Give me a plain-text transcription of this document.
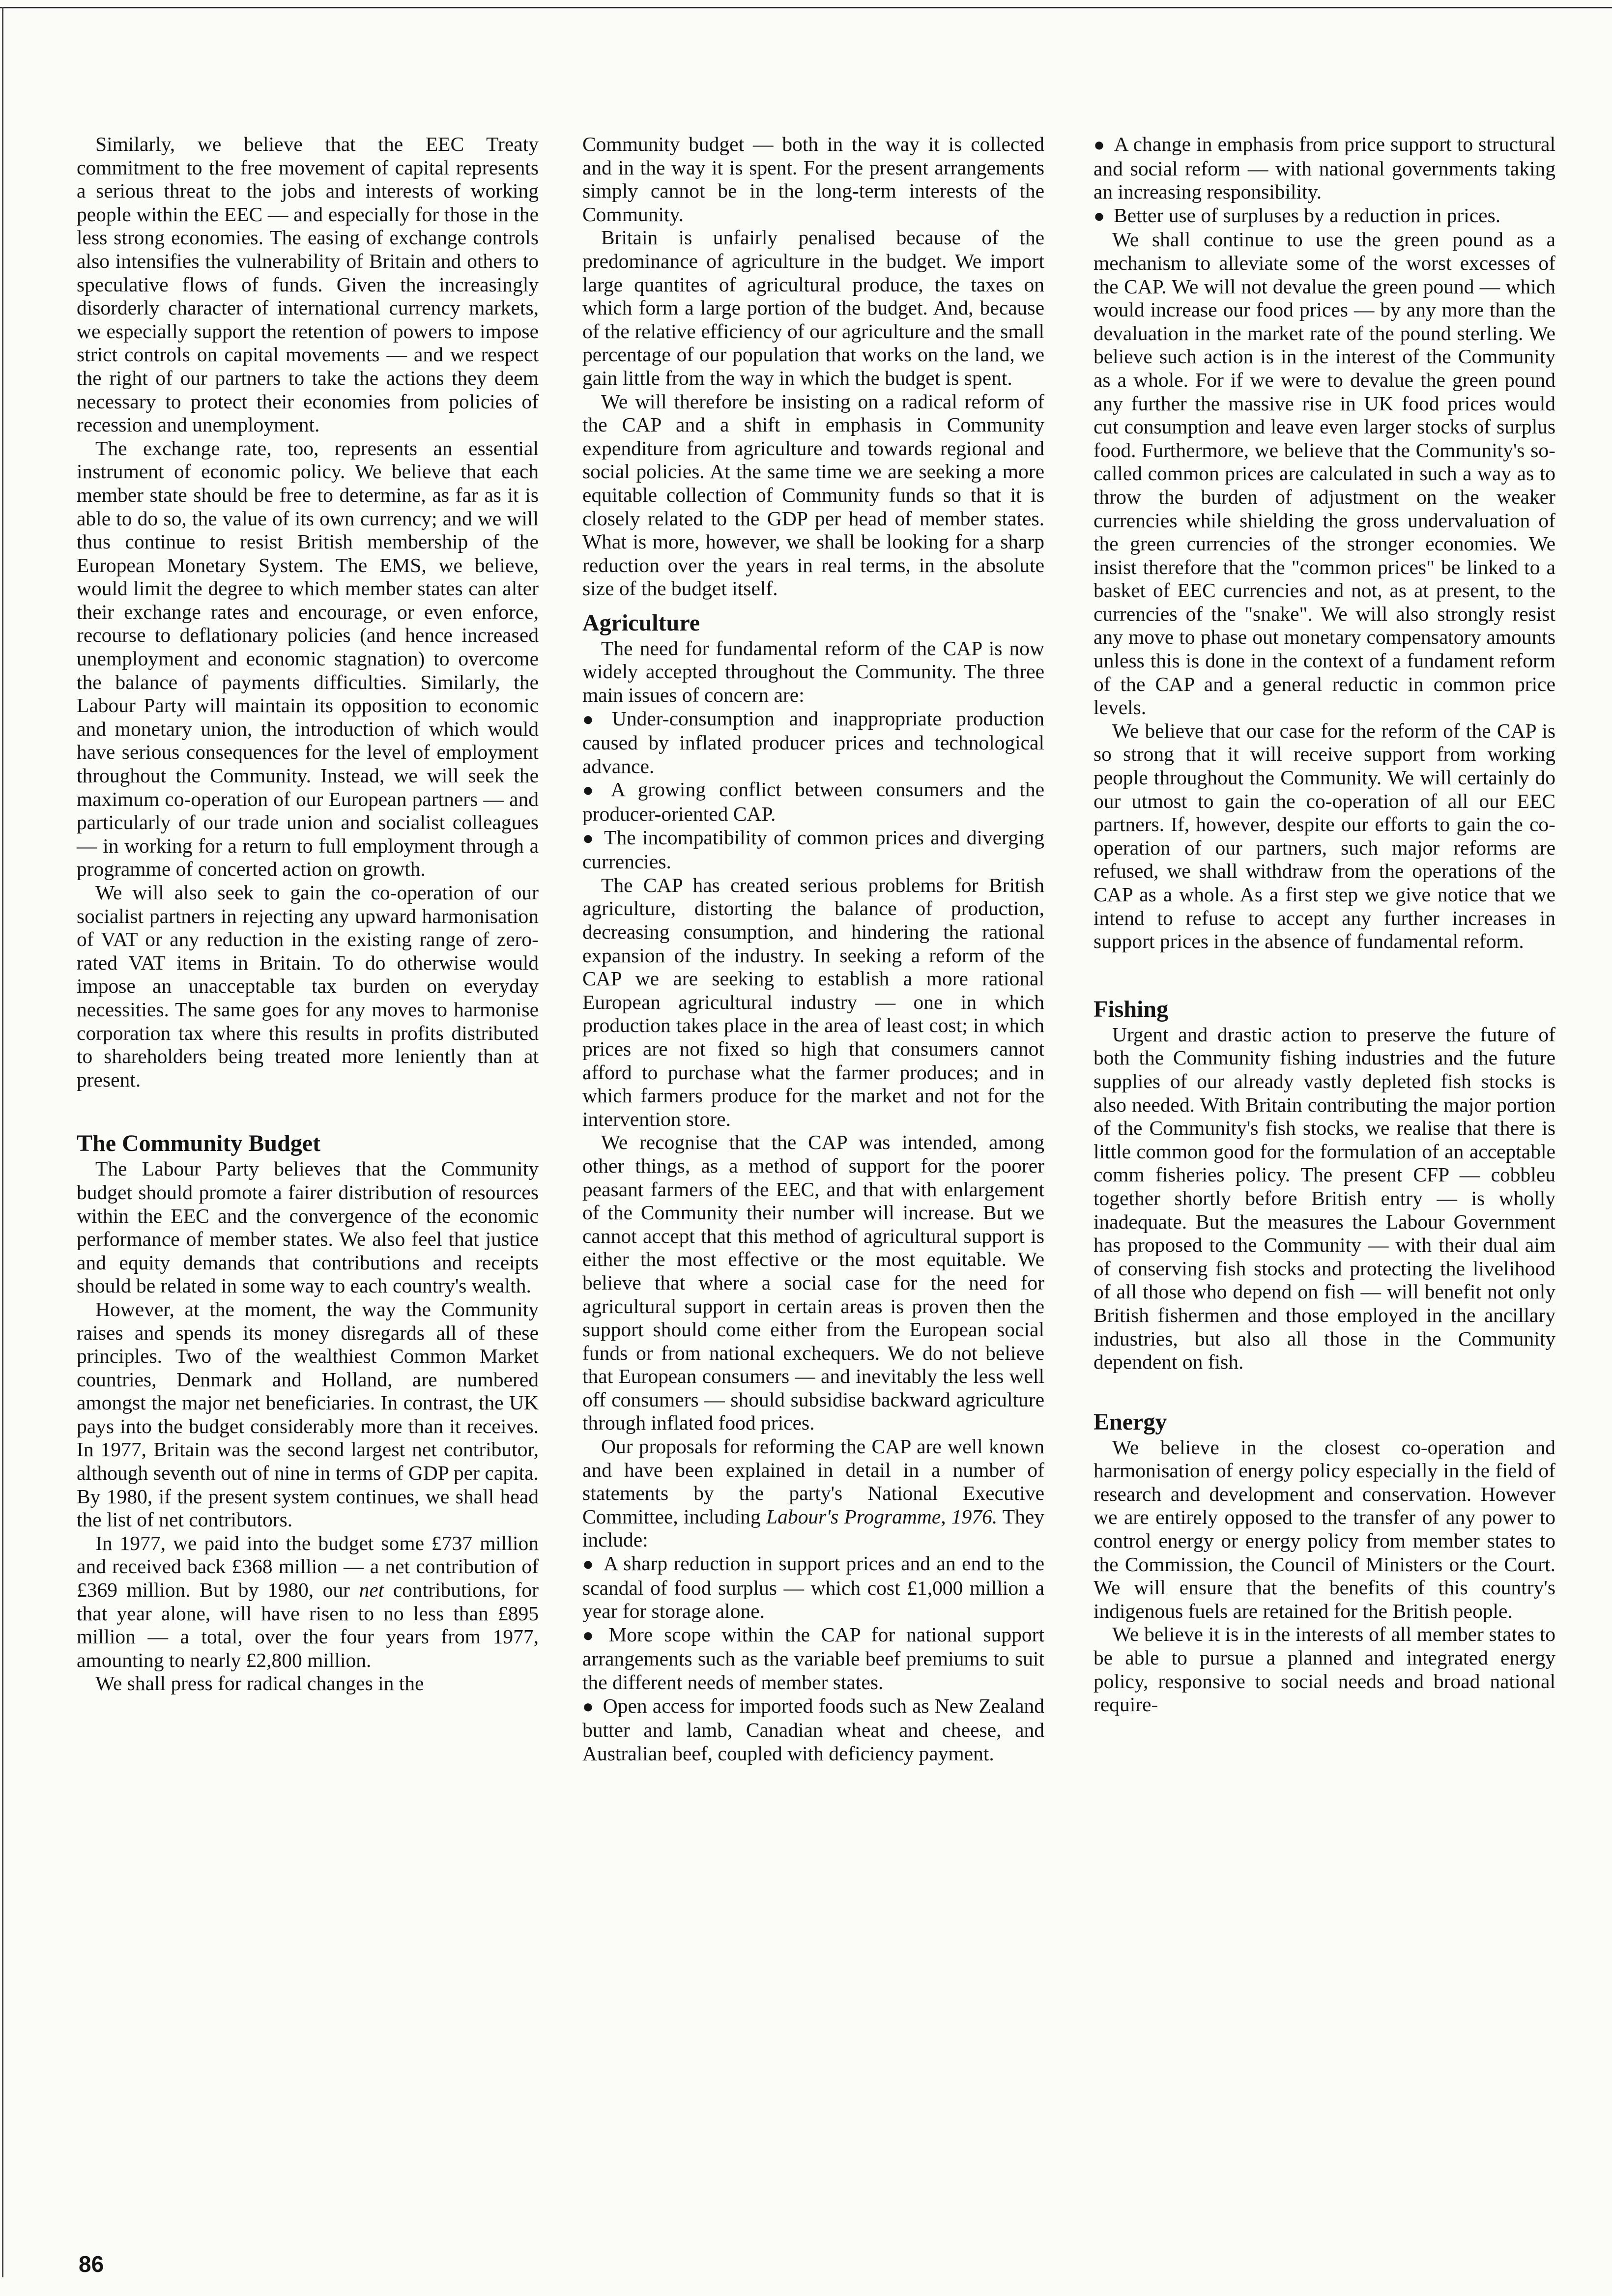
Similarly, we believe that the EEC Treaty commitment to the free movement of capital represents a serious threat to the jobs and interests of working people within the EEC — and especially for those in the less strong economies. The easing of exchange controls also intensifies the vulnerability of Britain and others to speculative flows of funds. Given the increasingly disorderly character of international currency markets, we especially support the retention of powers to impose strict controls on capital movements — and we respect the right of our partners to take the actions they deem necessary to protect their economies from policies of recession and unemployment.

The exchange rate, too, represents an essential instrument of economic policy. We believe that each member state should be free to determine, as far as it is able to do so, the value of its own currency; and we will thus continue to resist British membership of the European Monetary System. The EMS, we believe, would limit the degree to which member states can alter their exchange rates and encourage, or even enforce, recourse to deflationary policies (and hence increased unemployment and economic stagnation) to overcome the balance of payments difficulties. Similarly, the Labour Party will maintain its opposition to economic and monetary union, the introduction of which would have serious consequences for the level of employment throughout the Community. Instead, we will seek the maximum co-operation of our European partners — and particularly of our trade union and socialist colleagues — in working for a return to full employment through a programme of concerted action on growth.

We will also seek to gain the co-operation of our socialist partners in rejecting any upward harmonisation of VAT or any reduction in the existing range of zero-rated VAT items in Britain. To do otherwise would impose an unacceptable tax burden on everyday necessities. The same goes for any moves to harmonise corporation tax where this results in profits distributed to shareholders being treated more leniently than at present.

The Community Budget

The Labour Party believes that the Community budget should promote a fairer distribution of resources within the EEC and the convergence of the economic performance of member states. We also feel that justice and equity demands that contributions and receipts should be related in some way to each country's wealth.

However, at the moment, the way the Community raises and spends its money disregards all of these principles. Two of the wealthiest Common Market countries, Denmark and Holland, are numbered amongst the major net beneficiaries. In contrast, the UK pays into the budget considerably more than it receives. In 1977, Britain was the second largest net contributor, although seventh out of nine in terms of GDP per capita. By 1980, if the present system continues, we shall head the list of net contributors.

In 1977, we paid into the budget some £737 million and received back £368 million — a net contribution of £369 million. But by 1980, our net contributions, for that year alone, will have risen to no less than £895 million — a total, over the four years from 1977, amounting to nearly £2,800 million.

We shall press for radical changes in the

Community budget — both in the way it is collected and in the way it is spent. For the present arrangements simply cannot be in the long-term interests of the Community.

Britain is unfairly penalised because of the predominance of agriculture in the budget. We import large quantites of agricultural produce, the taxes on which form a large portion of the budget. And, because of the relative efficiency of our agriculture and the small percentage of our population that works on the land, we gain little from the way in which the budget is spent.

We will therefore be insisting on a radical reform of the CAP and a shift in emphasis in Community expenditure from agriculture and towards regional and social policies. At the same time we are seeking a more equitable collection of Community funds so that it is closely related to the GDP per head of member states. What is more, however, we shall be looking for a sharp reduction over the years in real terms, in the absolute size of the budget itself.

Agriculture

The need for fundamental reform of the CAP is now widely accepted throughout the Community. The three main issues of concern are:

● Under-consumption and inappropriate production caused by inflated producer prices and technological advance.

● A growing conflict between consumers and the producer-oriented CAP.

● The incompatibility of common prices and diverging currencies.

The CAP has created serious problems for British agriculture, distorting the balance of production, decreasing consumption, and hindering the rational expansion of the industry. In seeking a reform of the CAP we are seeking to establish a more rational European agricultural industry — one in which production takes place in the area of least cost; in which prices are not fixed so high that consumers cannot afford to purchase what the farmer produces; and in which farmers produce for the market and not for the intervention store.

We recognise that the CAP was intended, among other things, as a method of support for the poorer peasant farmers of the EEC, and that with enlargement of the Community their number will increase. But we cannot accept that this method of agricultural support is either the most effective or the most equitable. We believe that where a social case for the need for agricultural support in certain areas is proven then the support should come either from the European social funds or from national exchequers. We do not believe that European consumers — and inevitably the less well off consumers — should subsidise backward agriculture through inflated food prices.

Our proposals for reforming the CAP are well known and have been explained in detail in a number of statements by the party's National Executive Committee, including Labour's Programme, 1976. They include:

● A sharp reduction in support prices and an end to the scandal of food surplus — which cost £1,000 million a year for storage alone.

● More scope within the CAP for national support arrangements such as the variable beef premiums to suit the different needs of member states.

● Open access for imported foods such as New Zealand butter and lamb, Canadian wheat and cheese, and Australian beef, coupled with deficiency payment.

● A change in emphasis from price support to structural and social reform — with national governments taking an increasing responsibility.

● Better use of surpluses by a reduction in prices.

We shall continue to use the green pound as a mechanism to alleviate some of the worst excesses of the CAP. We will not devalue the green pound — which would increase our food prices — by any more than the devaluation in the market rate of the pound sterling. We believe such action is in the interest of the Community as a whole. For if we were to devalue the green pound any further the massive rise in UK food prices would cut consumption and leave even larger stocks of surplus food. Furthermore, we believe that the Community's so-called common prices are calculated in such a way as to throw the burden of adjustment on the weaker currencies while shielding the gross undervaluation of the green currencies of the stronger economies. We insist therefore that the "common prices" be linked to a basket of EEC currencies and not, as at present, to the currencies of the "snake". We will also strongly resist any move to phase out monetary compensatory amounts unless this is done in the context of a fundament reform of the CAP and a general reductic in common price levels.

We believe that our case for the reform of the CAP is so strong that it will receive support from working people throughout the Community. We will certainly do our utmost to gain the co-operation of all our EEC partners. If, however, despite our efforts to gain the co-operation of our partners, such major reforms are refused, we shall withdraw from the operations of the CAP as a whole. As a first step we give notice that we intend to refuse to accept any further increases in support prices in the absence of fundamental reform.

Fishing

Urgent and drastic action to preserve the future of both the Community fishing industries and the future supplies of our already vastly depleted fish stocks is also needed. With Britain contributing the major portion of the Community's fish stocks, we realise that there is little common good for the formulation of an acceptable comm fisheries policy. The present CFP — cobbleu together shortly before British entry — is wholly inadequate. But the measures the Labour Government has proposed to the Community — with their dual aim of conserving fish stocks and protecting the livelihood of all those who depend on fish — will benefit not only British fishermen and those employed in the ancillary industries, but also all those in the Community dependent on fish.

Energy

We believe in the closest co-operation and harmonisation of energy policy especially in the field of research and development and conservation. However we are entirely opposed to the transfer of any power to control energy or energy policy from member states to the Commission, the Council of Ministers or the Court. We will ensure that the benefits of this country's indigenous fuels are retained for the British people.

We believe it is in the interests of all member states to be able to pursue a planned and integrated energy policy, responsive to social needs and broad national require-

86
